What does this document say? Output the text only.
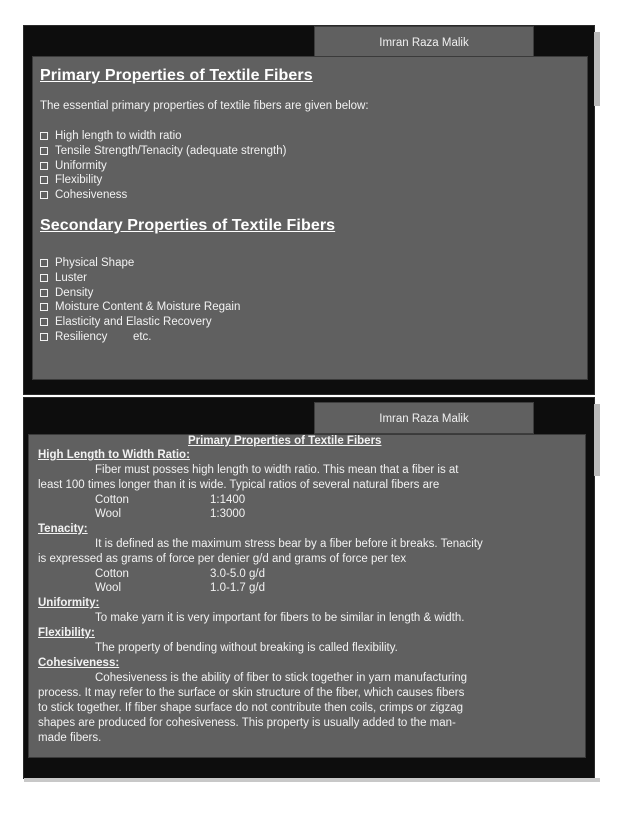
Imran Raza Malik
Primary Properties of Textile Fibers
The essential primary properties of textile fibers are given below:
High length to width ratio
Tensile Strength/Tenacity (adequate strength)
Uniformity
Flexibility
Cohesiveness
Secondary Properties of Textile Fibers
Physical Shape
Luster
Density
Moisture Content & Moisture Regain
Elasticity and Elastic Recovery
Resiliency        etc.
Imran Raza Malik
Primary Properties of Textile Fibers
High Length to Width Ratio:
Fiber must posses high length to width ratio. This mean that a fiber is at
least 100 times longer than it is wide. Typical ratios of several natural fibers are
Cotton	1:1400
Wool	1:3000
Tenacity:
It is defined as the maximum stress bear by a fiber before it breaks. Tenacity
is expressed as grams of force per denier g/d and grams of force per tex
Cotton	3.0-5.0 g/d
Wool	1.0-1.7 g/d
Uniformity:
To make yarn it is very important for fibers to be similar in length & width.
Flexibility:
The property of bending without breaking is called flexibility.
Cohesiveness:
Cohesiveness is the ability of fiber to stick together in yarn manufacturing
process. It may refer to the surface or skin structure of the fiber, which causes fibers
to stick together. If fiber shape surface do not contribute then coils, crimps or zigzag
shapes are produced for cohesiveness. This property is usually added to the man-
made fibers.
